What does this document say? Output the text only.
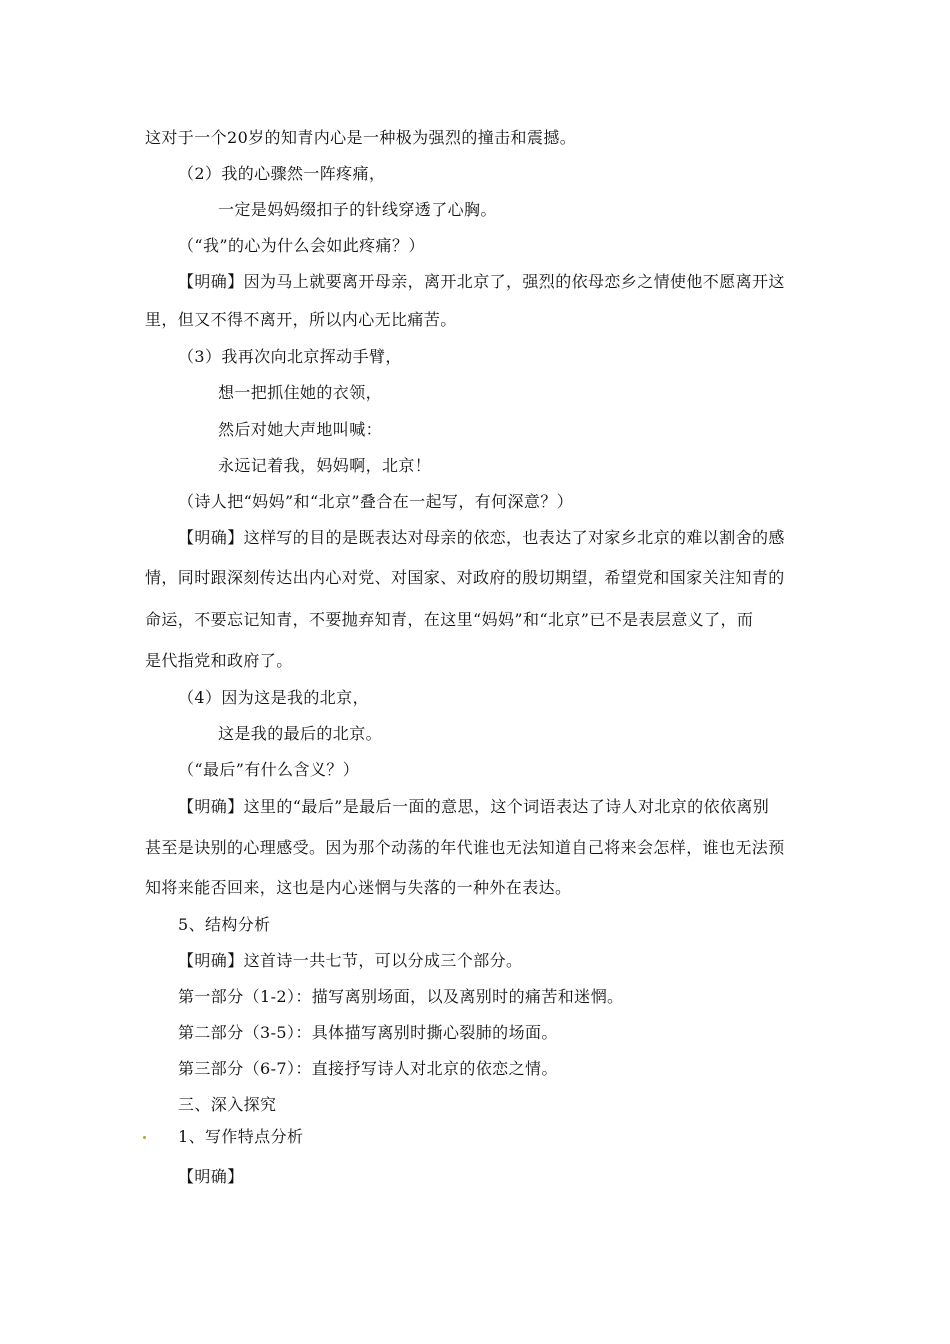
这对于一个20岁的知青内心是一种极为强烈的撞击和震撼。
（2）我的心骤然一阵疼痛，
一定是妈妈缀扣子的针线穿透了心胸。
（“我”的心为什么会如此疼痛？）
【明确】因为马上就要离开母亲，离开北京了，强烈的依母恋乡之情使他不愿离开这
里，但又不得不离开，所以内心无比痛苦。
（3）我再次向北京挥动手臂，
想一把抓住她的衣领，
然后对她大声地叫喊：
永远记着我，妈妈啊，北京！
（诗人把“妈妈”和“北京”叠合在一起写，有何深意？）
【明确】这样写的目的是既表达对母亲的依恋，也表达了对家乡北京的难以割舍的感
情，同时跟深刻传达出内心对党、对国家、对政府的殷切期望，希望党和国家关注知青的
命运，不要忘记知青，不要抛弃知青，在这里“妈妈”和“北京”已不是表层意义了，而
是代指党和政府了。
（4）因为这是我的北京，
这是我的最后的北京。
（“最后”有什么含义？）
【明确】这里的“最后”是最后一面的意思，这个词语表达了诗人对北京的依依离别
甚至是诀别的心理感受。因为那个动荡的年代谁也无法知道自己将来会怎样，谁也无法预
知将来能否回来，这也是内心迷惘与失落的一种外在表达。
5、结构分析
【明确】这首诗一共七节，可以分成三个部分。
第一部分（1-2）：描写离别场面，以及离别时的痛苦和迷惘。
第二部分（3-5）：具体描写离别时撕心裂肺的场面。
第三部分（6-7）：直接抒写诗人对北京的依恋之情。
三、深入探究
1、写作特点分析
【明确】
